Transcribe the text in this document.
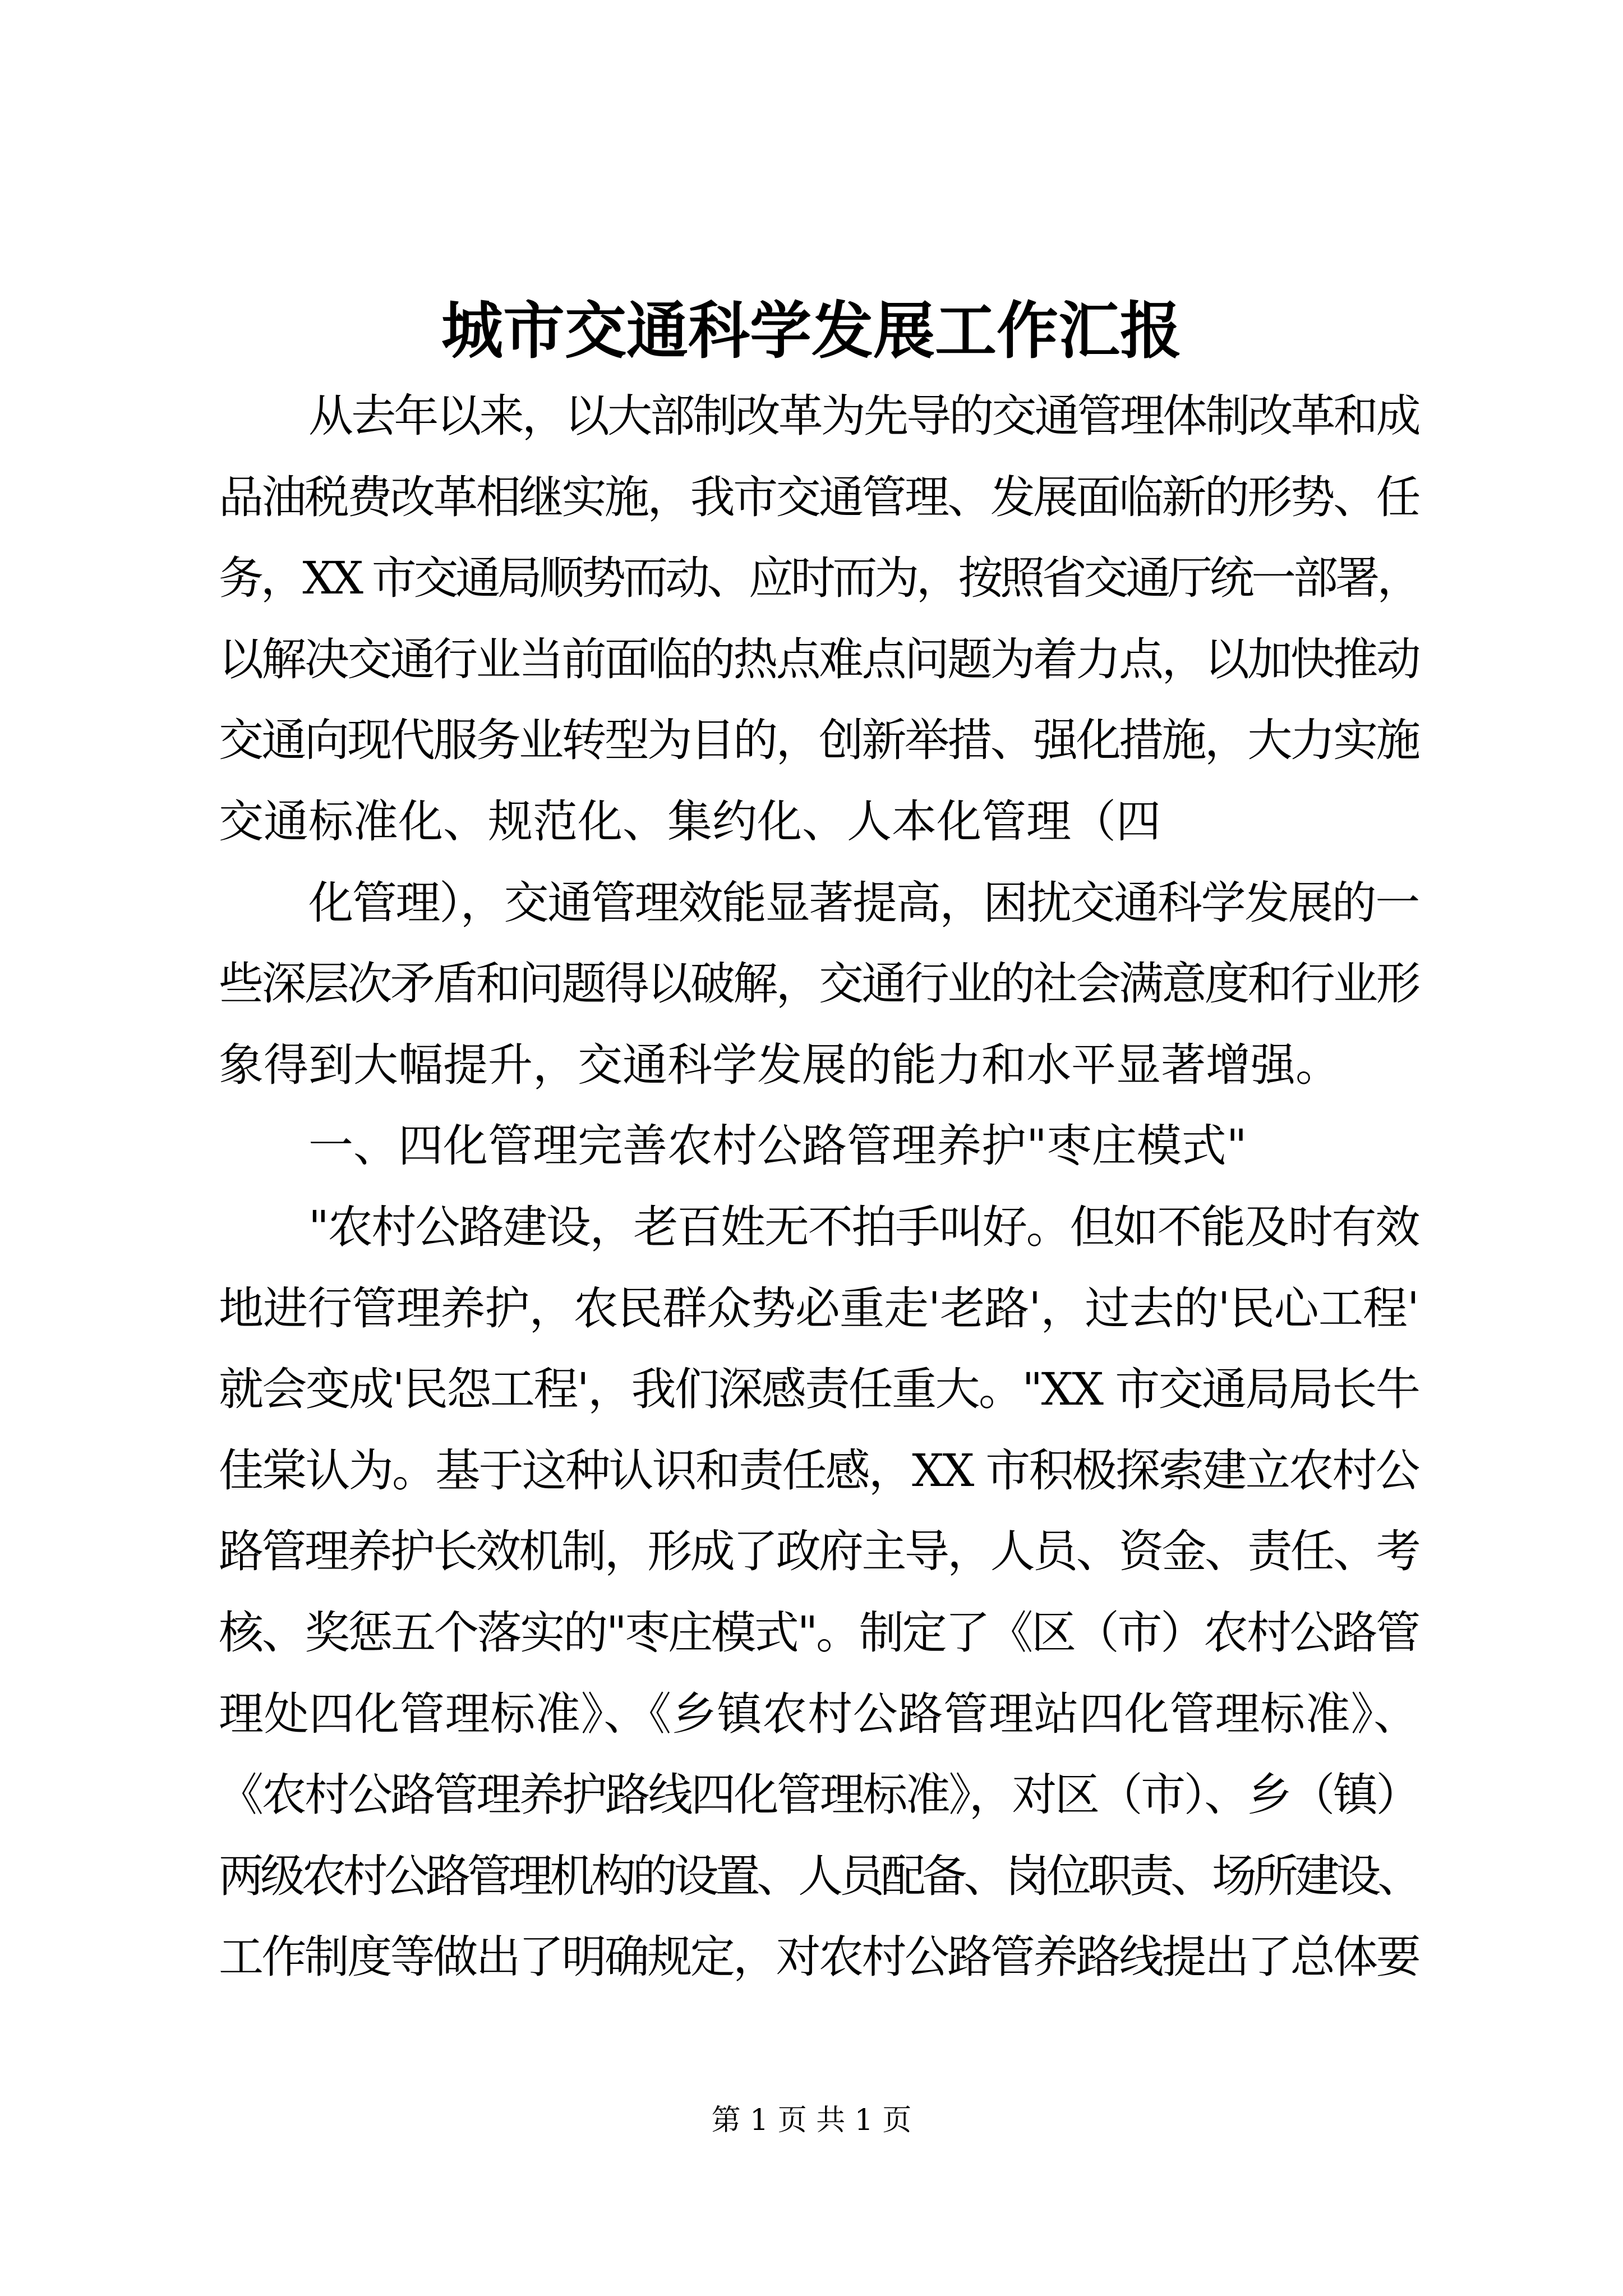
城市交通科学发展工作汇报
从去年以来，以大部制改革为先导的交通管理体制改革和成
品油税费改革相继实施，我市交通管理、发展面临新的形势、任
务，XX 市交通局顺势而动、应时而为，按照省交通厅统一部署，
以解决交通行业当前面临的热点难点问题为着力点，以加快推动
交通向现代服务业转型为目的，创新举措、强化措施，大力实施
交通标准化、规范化、集约化、人本化管理（四
化管理），交通管理效能显著提高，困扰交通科学发展的一
些深层次矛盾和问题得以破解，交通行业的社会满意度和行业形
象得到大幅提升，交通科学发展的能力和水平显著增强。
一、四化管理完善农村公路管理养护"枣庄模式"
"农村公路建设，老百姓无不拍手叫好。但如不能及时有效
地进行管理养护，农民群众势必重走'老路'，过去的'民心工程'
就会变成'民怨工程'，我们深感责任重大。"XX 市交通局局长牛
佳棠认为。基于这种认识和责任感，XX 市积极探索建立农村公
路管理养护长效机制，形成了政府主导，人员、资金、责任、考
核、奖惩五个落实的"枣庄模式"。制定了《区（市）农村公路管
理处四化管理标准》、《乡镇农村公路管理站四化管理标准》、
《农村公路管理养护路线四化管理标准》，对区（市）、乡（镇）
两级农村公路管理机构的设置、人员配备、岗位职责、场所建设、
工作制度等做出了明确规定，对农村公路管养路线提出了总体要
第 1 页 共 1 页
